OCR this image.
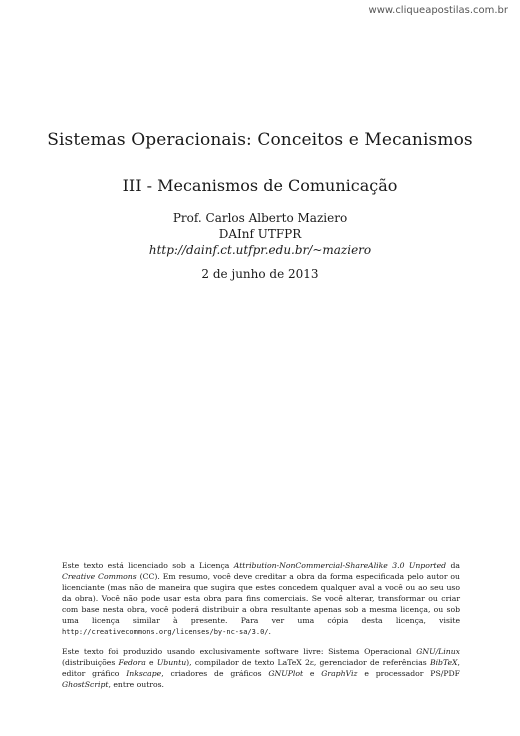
www.cliqueapostilas.com.br
Sistemas Operacionais: Conceitos e Mecanismos
III - Mecanismos de Comunicação
Prof. Carlos Alberto Maziero
DAInf UTFPR
http://dainf.ct.utfpr.edu.br/~maziero
2 de junho de 2013

Este texto está licenciado sob a Licença Attribution-NonCommercial-ShareAlike 3.0 Unported da Creative Commons (CC). Em resumo, você deve creditar a obra da forma especificada pelo autor ou licenciante (mas não de maneira que sugira que estes concedem qualquer aval a você ou ao seu uso da obra). Você não pode usar esta obra para fins comerciais. Se você alterar, transformar ou criar com base nesta obra, você poderá distribuir a obra resultante apenas sob a mesma licença, ou sob uma licença similar à presente. Para ver uma cópia desta licença, visite http://creativecommons.org/licenses/by-nc-sa/3.0/.

Este texto foi produzido usando exclusivamente software livre: Sistema Operacional GNU/Linux (distribuições Fedora e Ubuntu), compilador de texto LaTeX 2ε, gerenciador de referências BibTeX, editor gráfico Inkscape, criadores de gráficos GNUPlot e GraphViz e processador PS/PDF GhostScript, entre outros.
